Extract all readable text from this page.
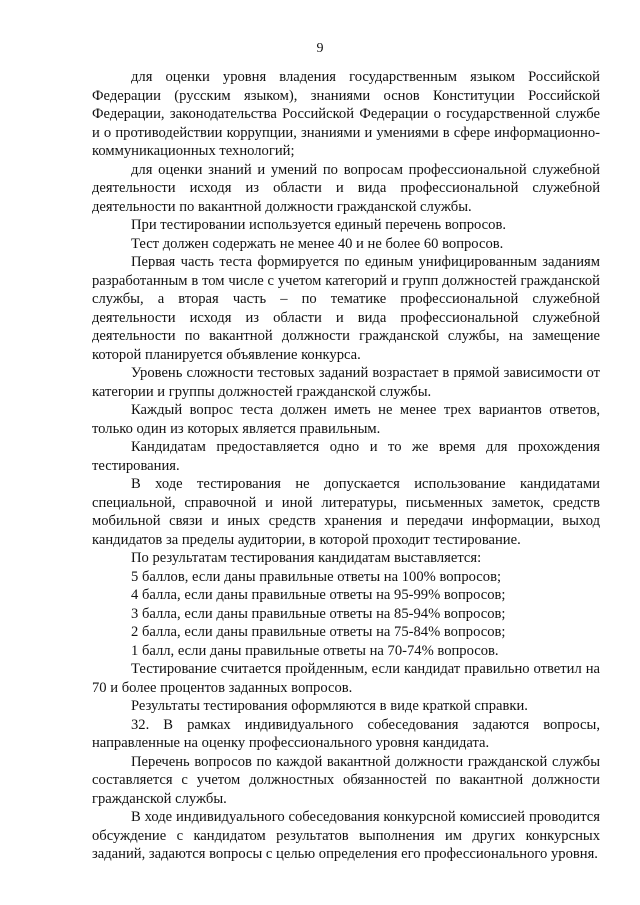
9

для оценки уровня владения государственным языком Российской Федерации (русским языком), знаниями основ Конституции Российской Федерации, законодательства Российской Федерации о государственной службе и о противодействии коррупции, знаниями и умениями в сфере информационно-коммуникационных технологий;

для оценки знаний и умений по вопросам профессиональной служебной деятельности исходя из области и вида профессиональной служебной деятельности по вакантной должности гражданской службы.

При тестировании используется единый перечень вопросов.

Тест должен содержать не менее 40 и не более 60 вопросов.

Первая часть теста формируется по единым унифицированным заданиям разработанным в том числе с учетом категорий и групп должностей гражданской службы, а вторая часть – по тематике профессиональной служебной деятельности исходя из области и вида профессиональной служебной деятельности по вакантной должности гражданской службы, на замещение которой планируется объявление конкурса.

Уровень сложности тестовых заданий возрастает в прямой зависимости от категории и группы должностей гражданской службы.

Каждый вопрос теста должен иметь не менее трех вариантов ответов, только один из которых является правильным.

Кандидатам предоставляется одно и то же время для прохождения тестирования.

В ходе тестирования не допускается использование кандидатами специальной, справочной и иной литературы, письменных заметок, средств мобильной связи и иных средств хранения и передачи информации, выход кандидатов за пределы аудитории, в которой проходит тестирование.

По результатам тестирования кандидатам выставляется:

5 баллов, если даны правильные ответы на 100% вопросов;

4 балла, если даны правильные ответы на 95-99% вопросов;

3 балла, если даны правильные ответы на 85-94% вопросов;

2 балла, если даны правильные ответы на 75-84% вопросов;

1 балл, если даны правильные ответы на 70-74% вопросов.

Тестирование считается пройденным, если кандидат правильно ответил на 70 и более процентов заданных вопросов.

Результаты тестирования оформляются в виде краткой справки.

32. В рамках индивидуального собеседования задаются вопросы, направленные на оценку профессионального уровня кандидата.

Перечень вопросов по каждой вакантной должности гражданской службы составляется с учетом должностных обязанностей по вакантной должности гражданской службы.

В ходе индивидуального собеседования конкурсной комиссией проводится обсуждение с кандидатом результатов выполнения им других конкурсных заданий, задаются вопросы с целью определения его профессионального уровня.
